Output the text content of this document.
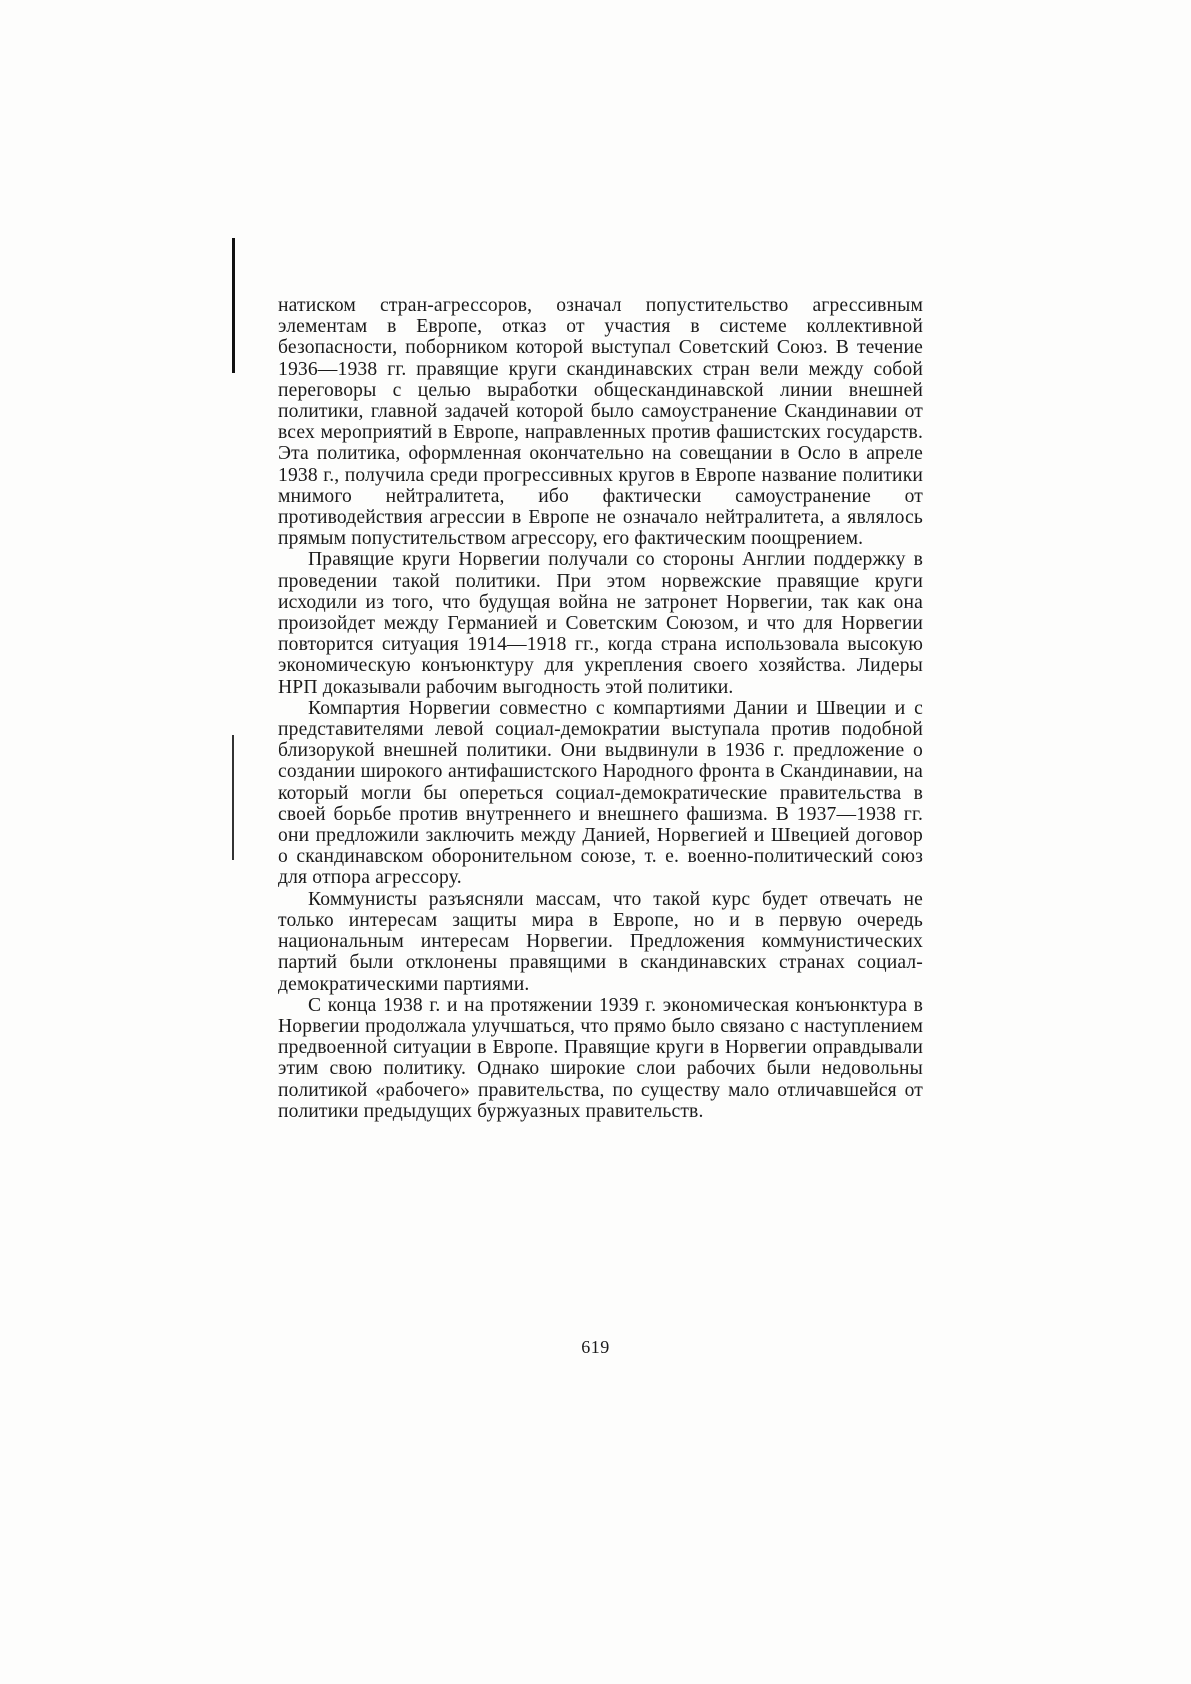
натиском стран-агрессоров, означал попустительство агрессивным элементам в Европе, отказ от участия в системе коллективной безопасности, поборником которой выступал Советский Союз. В течение 1936—1938 гг. правящие круги скандинавских стран вели между собой переговоры с целью выработки общескандинавской линии внешней политики, главной задачей которой было самоустранение Скандинавии от всех мероприятий в Европе, направленных против фашистских государств. Эта политика, оформленная окончательно на совещании в Осло в апреле 1938 г., получила среди прогрессивных кругов в Европе название политики мнимого нейтралитета, ибо фактически самоустранение от противодействия агрессии в Европе не означало нейтралитета, а являлось прямым попустительством агрессору, его фактическим поощрением.

Правящие круги Норвегии получали со стороны Англии поддержку в проведении такой политики. При этом норвежские правящие круги исходили из того, что будущая война не затронет Норвегии, так как она произойдет между Германией и Советским Союзом, и что для Норвегии повторится ситуация 1914—1918 гг., когда страна использовала высокую экономическую конъюнктуру для укрепления своего хозяйства. Лидеры НРП доказывали рабочим выгодность этой политики.

Компартия Норвегии совместно с компартиями Дании и Швеции и с представителями левой социал-демократии выступала против подобной близорукой внешней политики. Они выдвинули в 1936 г. предложение о создании широкого антифашистского Народного фронта в Скандинавии, на который могли бы опереться социал-демократические правительства в своей борьбе против внутреннего и внешнего фашизма. В 1937—1938 гг. они предложили заключить между Данией, Норвегией и Швецией договор о скандинавском оборонительном союзе, т. е. военно-политический союз для отпора агрессору.

Коммунисты разъясняли массам, что такой курс будет отвечать не только интересам защиты мира в Европе, но и в первую очередь национальным интересам Норвегии. Предложения коммунистических партий были отклонены правящими в скандинавских странах социал-демократическими партиями.

С конца 1938 г. и на протяжении 1939 г. экономическая конъюнктура в Норвегии продолжала улучшаться, что прямо было связано с наступлением предвоенной ситуации в Европе. Правящие круги в Норвегии оправдывали этим свою политику. Однако широкие слои рабочих были недовольны политикой «рабочего» правительства, по существу мало отличавшейся от политики предыдущих буржуазных правительств.

619
